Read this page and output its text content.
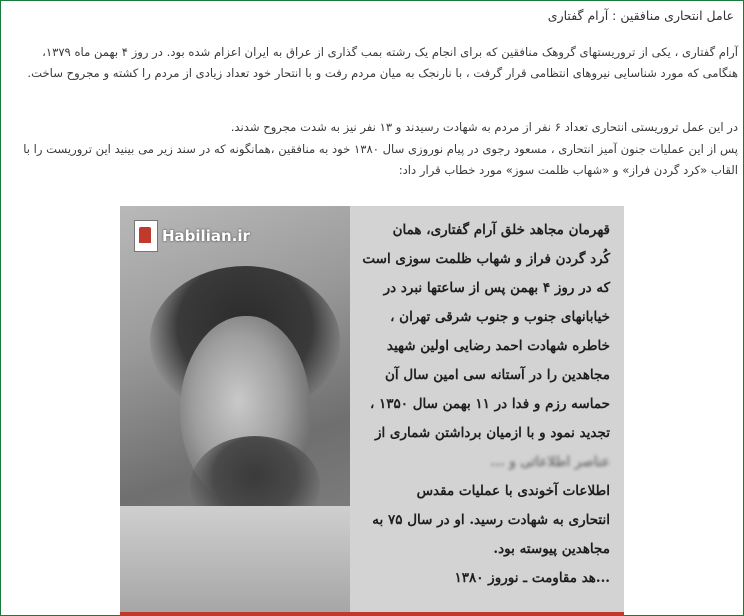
عامل انتحاری منافقین : آرام گفتاری
آرام گفتاری ، یکی از تروریستهای گروهک منافقین که برای انجام یک رشته بمب گذاری از عراق به ایران اعزام شده بود. در روز ۴ بهمن ماه ۱۳۷۹، هنگامی که مورد شناسایی نیروهای انتظامی قرار گرفت ، با نارنجک به میان مردم رفت و با انتحار خود تعداد زیادی از مردم را کشته و مجروح ساخت.
در این عمل تروریستی انتحاری تعداد ۶ نفر از مردم به شهادت رسیدند و ۱۳ نفر نیز به شدت مجروح شدند.
پس از این عملیات جنون آمیز انتحاری ، مسعود رجوی در پیام نوروزی سال ۱۳۸۰ خود به منافقین ،همانگونه که در سند زیر می بینید این تروریست را با القاب «کرد گردن فراز» و «شهاب ظلمت سوز» مورد خطاب قرار داد:
Habilian.ir	قهرمان مجاهد خلق آرام گفتاری، همان
کُرد گردن فراز و شهاب ظلمت سوزی است
که در روز ۴ بهمن پس از ساعتها نبرد در
خیابانهای جنوب و جنوب شرقی تهران ،
خاطره شهادت احمد رضایی اولین شهید
مجاهدین را در آستانه سی امین سال آن
حماسه رزم و فدا در ۱۱ بهمن سال ۱۳۵۰ ،
تجدید نمود و با ازمیان برداشتن شماری از
عناصر اطلاعاتی و ...
اطلاعات آخوندی با عملیات مقدس
انتحاری به شهادت رسید. او در سال ۷۵ به
مجاهدین پیوسته بود.
...هد مقاومت ـ نوروز ۱۳۸۰
